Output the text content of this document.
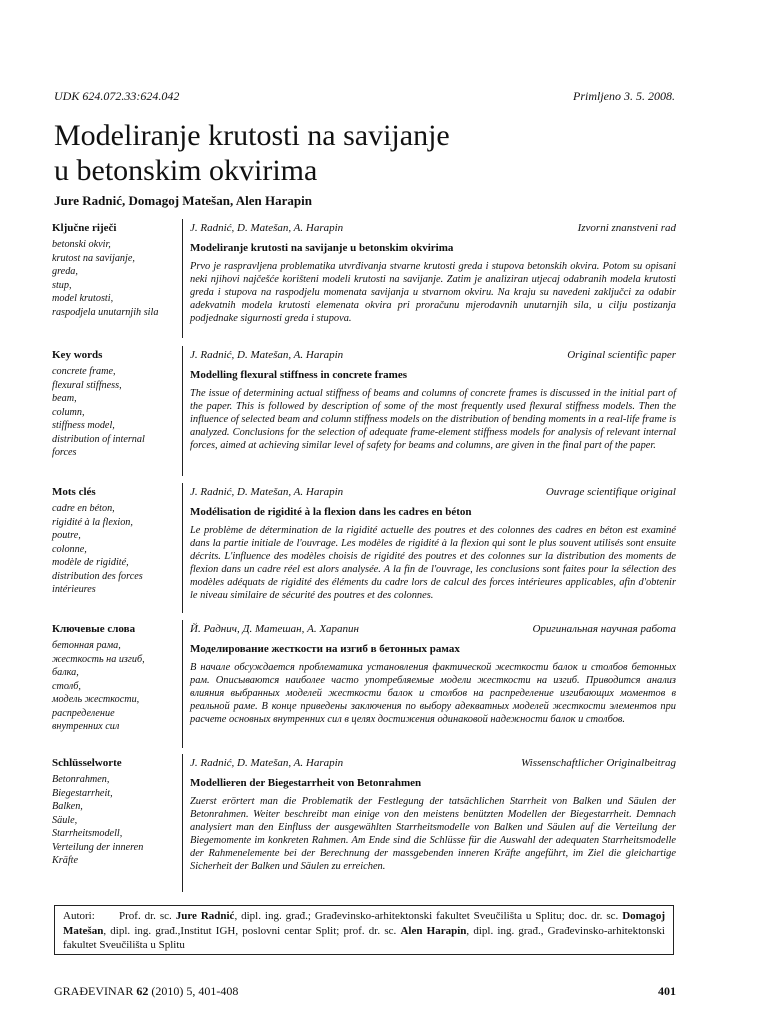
UDK 624.072.33:624.042	Primljeno 3. 5. 2008.
Modeliranje krutosti na savijanje
u betonskim okvirima
Jure Radnić, Domagoj Matešan, Alen Harapin
Ključne riječi
betonski okvir,
krutost na savijanje,
greda,
stup,
model krutosti,
raspodjela unutarnjih sila
J. Radnić, D. Matešan, A. Harapin	Izvorni znanstveni rad
Modeliranje krutosti na savijanje u betonskim okvirima
Prvo je raspravljena problematika utvrđivanja stvarne krutosti greda i stupova betonskih okvira. Potom su opisani neki njihovi najčešće korišteni modeli krutosti na savijanje. Zatim je analiziran utjecaj odabranih modela krutosti greda i stupova na raspodjelu momenata savijanja u stvarnom okviru. Na kraju su navedeni zaključci za odabir adekvatnih modela krutosti elemenata okvira pri proračunu mjerodavnih unutarnjih sila, u cilju postizanja podjednake sigurnosti greda i stupova.
Key words
concrete frame,
flexural stiffness,
beam,
column,
stiffness model,
distribution of internal
forces
J. Radnić, D. Matešan, A. Harapin	Original scientific paper
Modelling flexural stiffness in concrete frames
The issue of determining actual stiffness of beams and columns of concrete frames is discussed in the initial part of the paper. This is followed by description of some of the most frequently used flexural stiffness models. Then the influence of selected beam and column stiffness models on the distribution of bending moments in a real-life frame is analyzed. Conclusions for the selection of adequate frame-element stiffness models for analysis of relevant internal forces, aimed at achieving similar level of safety for beams and columns, are given in the final part of the paper.
Mots clés
cadre en béton,
rigidité à la flexion,
poutre,
colonne,
modèle de rigidité,
distribution des forces
intérieures
J. Radnić, D. Matešan, A. Harapin	Ouvrage scientifique original
Modélisation de rigidité à la flexion dans les cadres en béton
Le problème de détermination de la rigidité actuelle des poutres et des colonnes des cadres en béton est examiné dans la partie initiale de l'ouvrage. Les modèles de rigidité à la flexion qui sont le plus souvent utilisés sont ensuite décrits. L'influence des modèles choisis de rigidité des poutres et des colonnes sur la distribution des moments de flexion dans un cadre réel est alors analysée. A la fin de l'ouvrage, les conclusions sont faites pour la sélection des modèles adéquats de rigidité des éléments du cadre lors de calcul des forces intérieures applicables, afin d'obtenir le niveau similaire de sécurité des poutres et des colonnes.
Ключевые слова
бетонная рама,
жесткость на изгиб,
балка,
столб,
модель жесткости,
распределение
внутренних сил
Й. Раднич, Д. Матешан, А. Харапин	Оригинальная научная работа
Моделирование жесткости на изгиб в бетонных рамах
В начале обсуждается проблематика установления фактической жесткости балок и столбов бетонных рам. Описываются наиболее часто употребляемые модели жесткости на изгиб. Приводится анализ влияния выбранных моделей жесткости балок и столбов на распределение изгибающих моментов в реальной раме. В конце приведены заключения по выбору адекватных моделей жесткости элементов при расчете основных внутренних сил в целях достижения одинаковой надежности балок и столбов.
Schlüsselworte
Betonrahmen,
Biegestarrheit,
Balken,
Säule,
Starrheitsmodell,
Verteilung der inneren
Kräfte
J. Radnić, D. Matešan, A. Harapin	Wissenschaftlicher Originalbeitrag
Modellieren der Biegestarrheit von Betonrahmen
Zuerst erörtert man die Problematik der Festlegung der tatsächlichen Starrheit von Balken und Säulen der Betonrahmen. Weiter beschreibt man einige von den meistens benützten Modellen der Biegestarrheit. Demnach analysiert man den Einfluss der ausgewählten Starrheitsmodelle von Balken und Säulen auf die Verteilung der Biegemomente im konkreten Rahmen. Am Ende sind die Schlüsse für die Auswahl der adequaten Starrheitsmodelle der Rahmenelemente bei der Berechnung der massgebenden inneren Kräfte angeführt, im Ziel die gleichartige Sicherheit der Balken und Säulen zu erreichen.
Autori: Prof. dr. sc. Jure Radnić, dipl. ing. građ.; Građevinsko-arhitektonski fakultet Sveučilišta u Splitu; doc. dr. sc. Domagoj Matešan, dipl. ing. građ.,Institut IGH, poslovni centar Split; prof. dr. sc. Alen Harapin, dipl. ing. građ., Građevinsko-arhitektonski fakultet Sveučilišta u Splitu
GRAĐEVINAR 62 (2010) 5, 401-408	401
